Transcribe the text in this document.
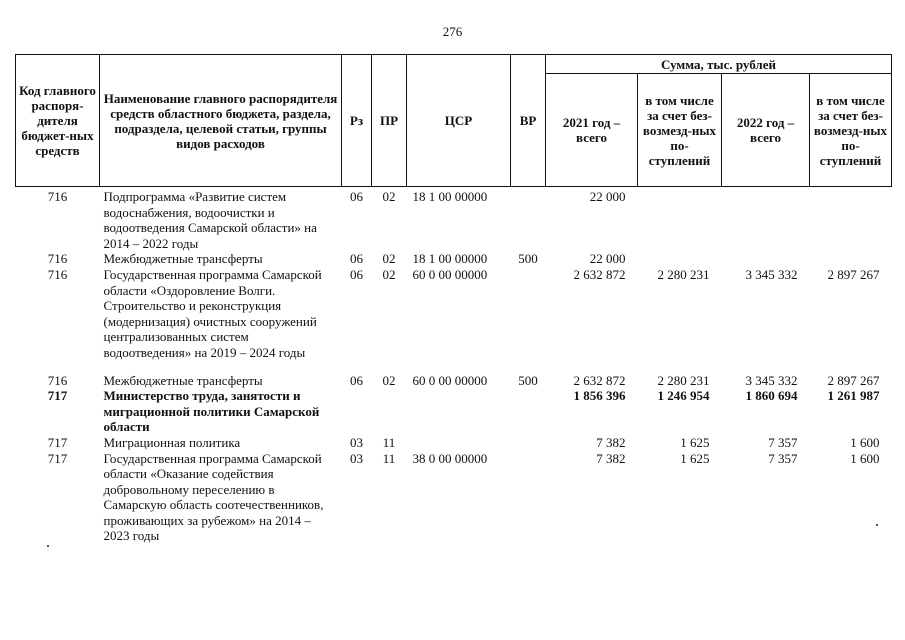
276
Код главного распоря-дителя бюджет-ных средств	Наименование главного распорядителя средств областного бюджета, раздела, подраздела, целевой статьи, группы видов расходов	Рз	ПР	ЦСР	ВР	Сумма, тыс. рублей			
						2021 год – всего	в том числе за счет без-возмезд-ных по-ступлений	2022 год – всего	в том числе за счет без-возмезд-ных по-ступлений
716	Подпрограмма «Развитие систем водоснабжения, водоочистки и водоотведения Самарской области» на 2014 – 2022 годы	06	02	18 1 00 00000		22 000			
716	Межбюджетные трансферты	06	02	18 1 00 00000	500	22 000			
716	Государственная программа Самарской области «Оздоровление Волги. Строительство и реконструкция (модернизация) очистных сооружений централизованных систем водоотведения» на 2019 – 2024 годы	06	02	60 0 00 00000		2 632 872	2 280 231	3 345 332	2 897 267
716	Межбюджетные трансферты	06	02	60 0 00 00000	500	2 632 872	2 280 231	3 345 332	2 897 267
717	Министерство труда, занятости и миграционной политики Самарской области					1 856 396	1 246 954	1 860 694	1 261 987
717	Миграционная политика	03	11			7 382	1 625	7 357	1 600
717	Государственная программа Самарской области «Оказание содействия добровольному переселению в Самарскую область соотечественников, проживающих за рубежом» на 2014 – 2023 годы	03	11	38 0 00 00000		7 382	1 625	7 357	1 600
